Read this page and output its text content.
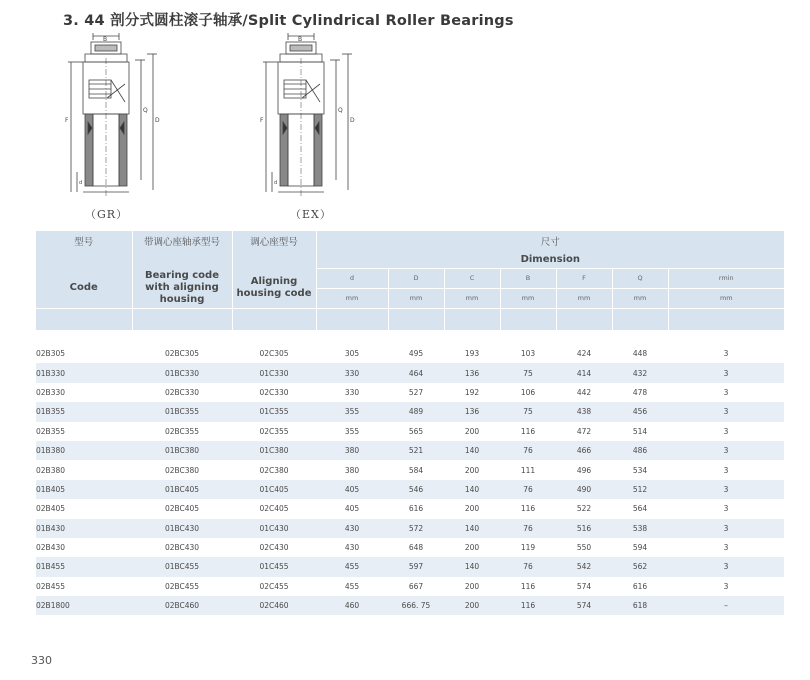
3. 44 剖分式圆柱滚子轴承/Split Cylindrical Roller Bearings
B
F
Q
D
d
B
F
Q
D
d
（GR）	（EX）
型号	带调心座轴承型号	调心座型号	尺寸						
			Dimension						
Code	Bearing code with aligning housing	Aligning housing code	d	D	C	B	F	Q	rmin
			mm	mm	mm	mm	mm	mm	mm

02B305	02BC305	02C305	305	495	193	103	424	448	3
01B330	01BC330	01C330	330	464	136	75	414	432	3
02B330	02BC330	02C330	330	527	192	106	442	478	3
01B355	01BC355	01C355	355	489	136	75	438	456	3
02B355	02BC355	02C355	355	565	200	116	472	514	3
01B380	01BC380	01C380	380	521	140	76	466	486	3
02B380	02BC380	02C380	380	584	200	111	496	534	3
01B405	01BC405	01C405	405	546	140	76	490	512	3
02B405	02BC405	02C405	405	616	200	116	522	564	3
01B430	01BC430	01C430	430	572	140	76	516	538	3
02B430	02BC430	02C430	430	648	200	119	550	594	3
01B455	01BC455	01C455	455	597	140	76	542	562	3
02B455	02BC455	02C455	455	667	200	116	574	616	3
02B1800	02BC460	02C460	460	666. 75	200	116	574	618	–
330
